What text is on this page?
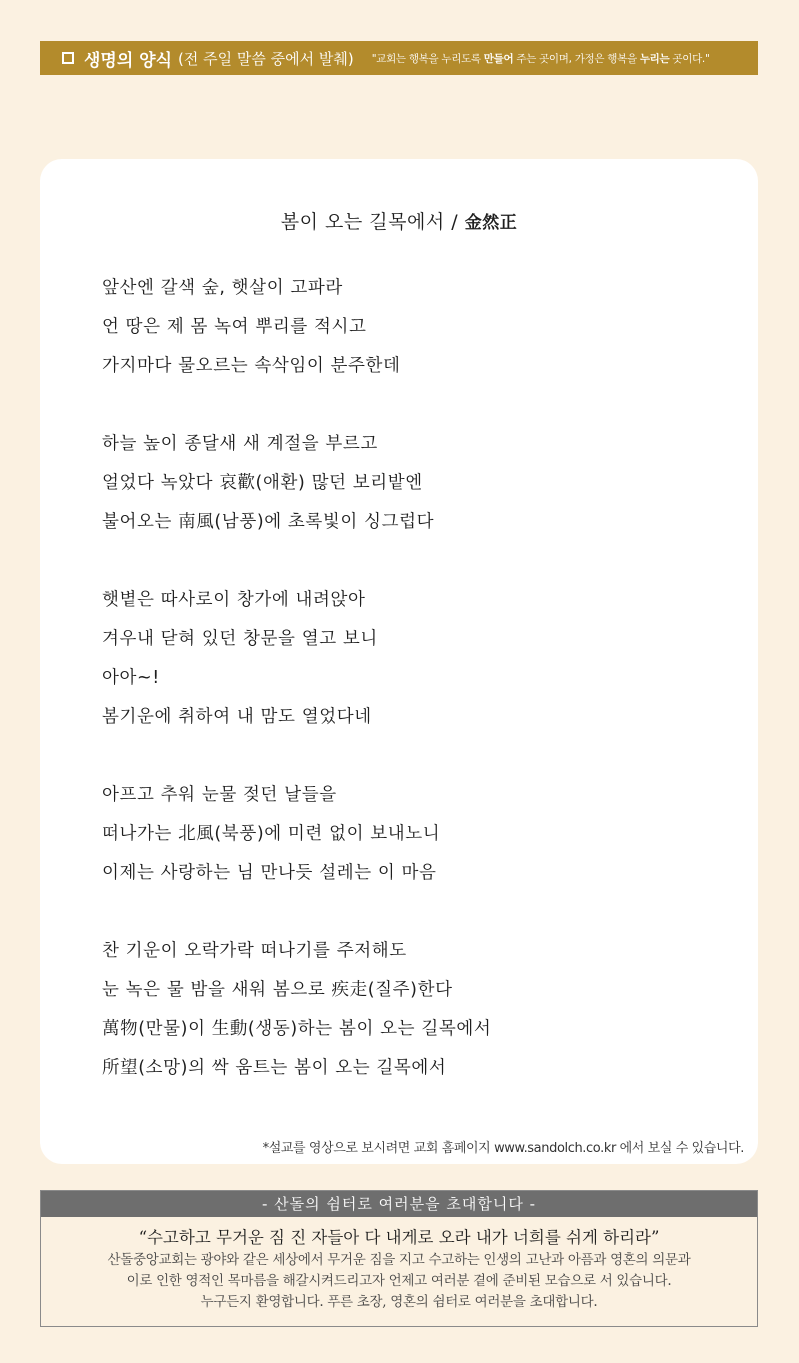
생명의 양식 (전 주일 말씀 중에서 발췌) "교회는 행복을 누리도록 만들어 주는 곳이며, 가정은 행복을 누리는 곳이다."
봄이 오는 길목에서 / 金然正
앞산엔 갈색 숲, 햇살이 고파라
언 땅은 제 몸 녹여 뿌리를 적시고
가지마다 물오르는 속삭임이 분주한데
하늘 높이 종달새 새 계절을 부르고
얼었다 녹았다 哀歡(애환) 많던 보리밭엔
불어오는 南風(남풍)에 초록빛이 싱그럽다
햇볕은 따사로이 창가에 내려앉아
겨우내 닫혀 있던 창문을 열고 보니
아아~!
봄기운에 취하여 내 맘도 열었다네
아프고 추워 눈물 젖던 날들을
떠나가는 北風(북풍)에 미련 없이 보내노니
이제는 사랑하는 님 만나듯 설레는 이 마음
찬 기운이 오락가락 떠나기를 주저해도
눈 녹은 물 밤을 새워 봄으로 疾走(질주)한다
萬物(만물)이 生動(생동)하는 봄이 오는 길목에서
所望(소망)의 싹 움트는 봄이 오는 길목에서
*설교를 영상으로 보시려면 교회 홈페이지 www.sandolch.co.kr 에서 보실 수 있습니다.
- 산돌의 쉼터로 여러분을 초대합니다 -
“수고하고 무거운 짐 진 자들아 다 내게로 오라 내가 너희를 쉬게 하리라”
산돌중앙교회는 광야와 같은 세상에서 무거운 짐을 지고 수고하는 인생의 고난과 아픔과 영혼의 의문과
이로 인한 영적인 목마름을 해갈시켜드리고자 언제고 여러분 곁에 준비된 모습으로 서 있습니다.
누구든지 환영합니다. 푸른 초장, 영혼의 쉼터로 여러분을 초대합니다.
